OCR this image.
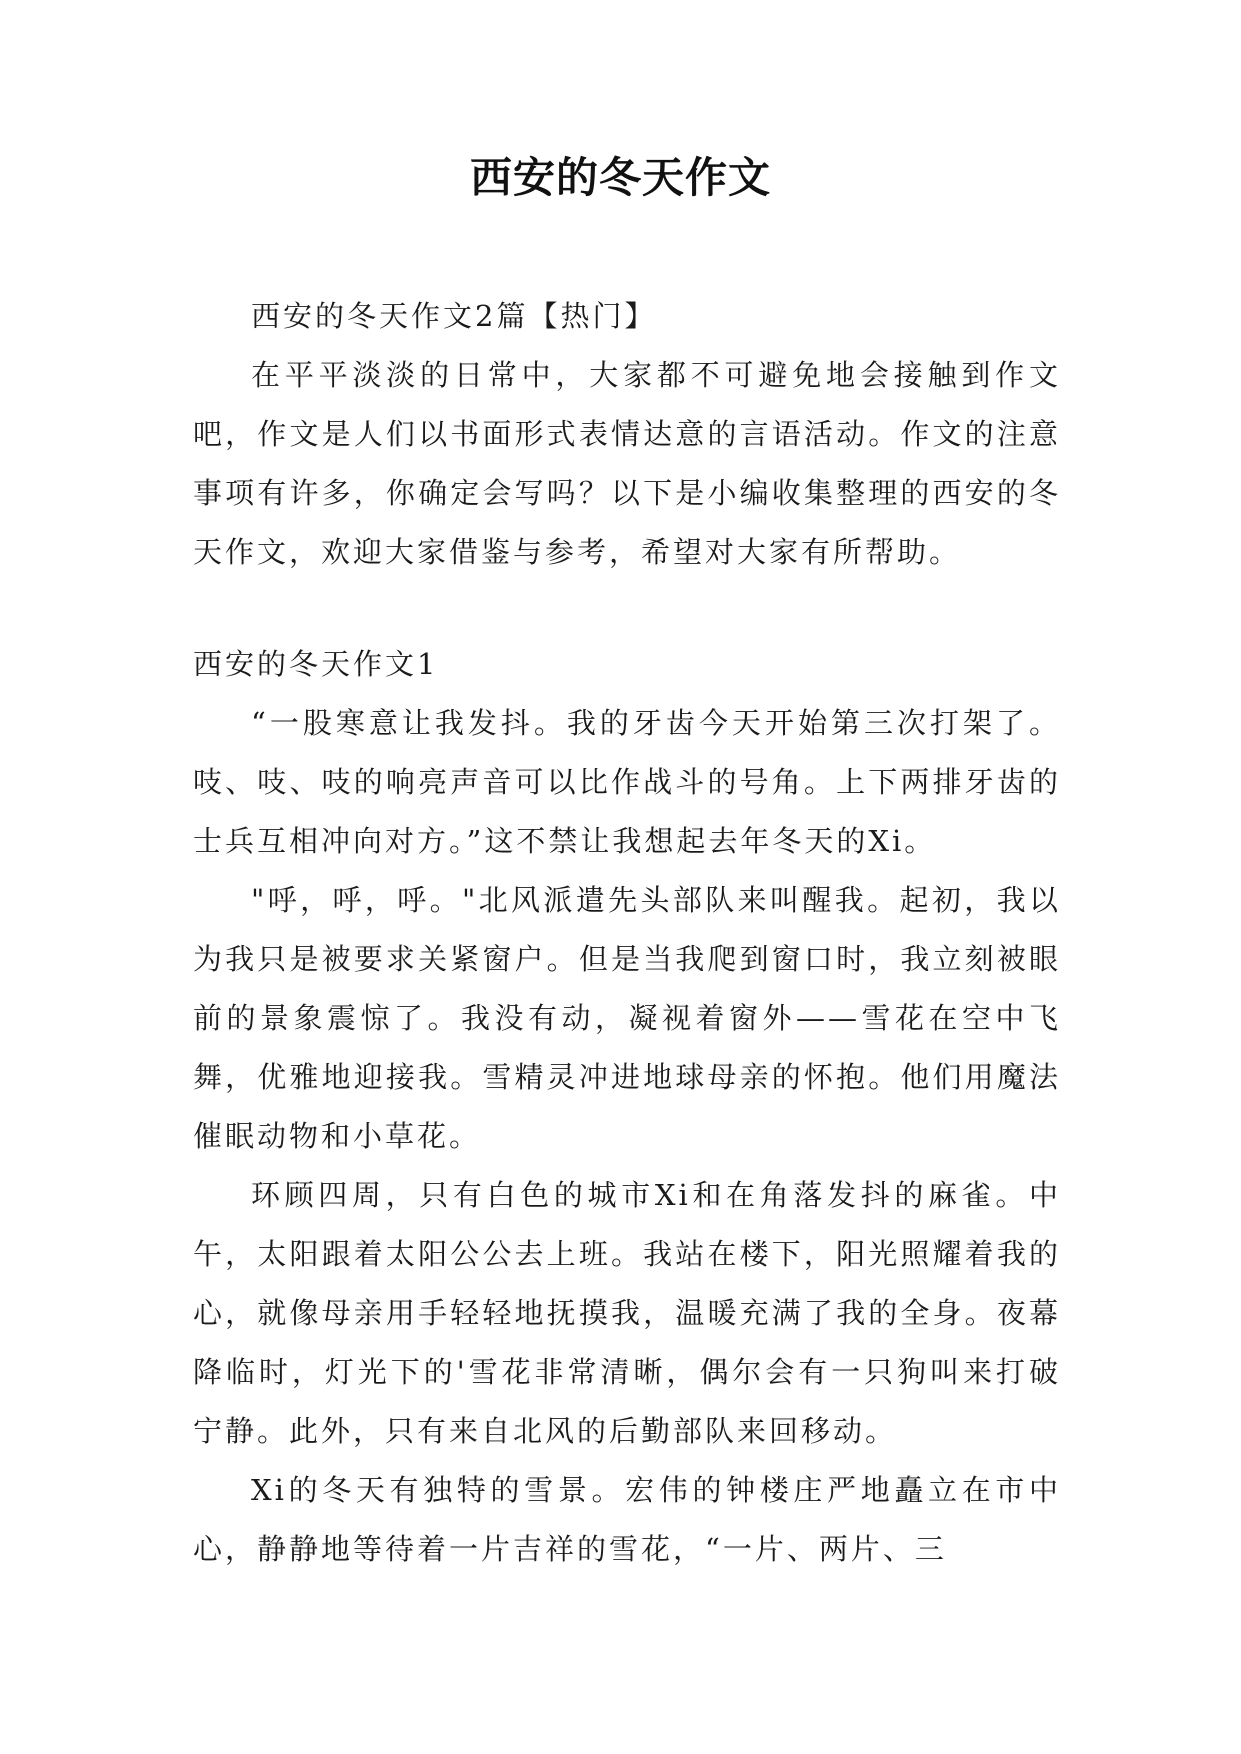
西安的冬天作文

西安的冬天作文2篇【热门】

在平平淡淡的日常中，大家都不可避免地会接触到作文吧，作文是人们以书面形式表情达意的言语活动。作文的注意事项有许多，你确定会写吗？以下是小编收集整理的西安的冬天作文，欢迎大家借鉴与参考，希望对大家有所帮助。

西安的冬天作文1

“一股寒意让我发抖。我的牙齿今天开始第三次打架了。吱、吱、吱的响亮声音可以比作战斗的号角。上下两排牙齿的士兵互相冲向对方。”这不禁让我想起去年冬天的Xi。

"呼，呼，呼。"北风派遣先头部队来叫醒我。起初，我以为我只是被要求关紧窗户。但是当我爬到窗口时，我立刻被眼前的景象震惊了。我没有动，凝视着窗外——雪花在空中飞舞，优雅地迎接我。雪精灵冲进地球母亲的怀抱。他们用魔法催眠动物和小草花。

环顾四周，只有白色的城市Xi和在角落发抖的麻雀。中午，太阳跟着太阳公公去上班。我站在楼下，阳光照耀着我的心，就像母亲用手轻轻地抚摸我，温暖充满了我的全身。夜幕降临时，灯光下的'雪花非常清晰，偶尔会有一只狗叫来打破宁静。此外，只有来自北风的后勤部队来回移动。

Xi的冬天有独特的雪景。宏伟的钟楼庄严地矗立在市中心，静静地等待着一片吉祥的雪花，“一片、两片、三
